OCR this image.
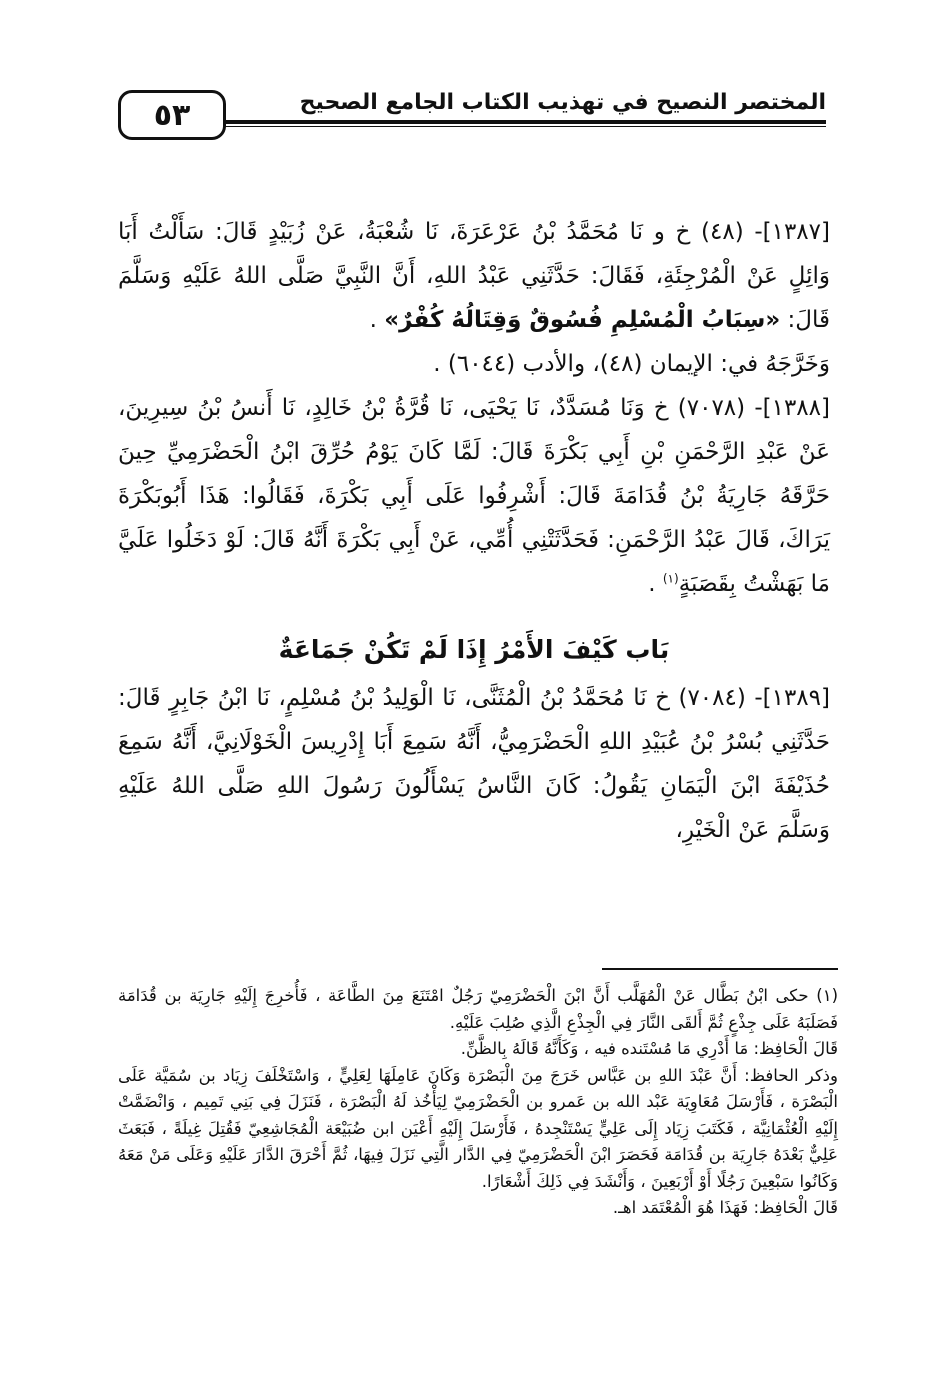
٥٣	المختصر النصيح في تهذيب الكتاب الجامع الصحيح

[١٣٨٧]- (٤٨) خ و نَا مُحَمَّدُ بْنُ عَرْعَرَةَ، نَا شُعْبَةُ، عَنْ زُبَيْدٍ قَالَ: سَأَلْتُ أَبَا وَائِلٍ عَنْ الْمُرْجِئَةِ، فَقَالَ: حَدَّثَنِي عَبْدُ اللهِ، أَنَّ النَّبِيَّ صَلَّى اللهُ عَلَيْهِ وَسَلَّمَ قَالَ: «سِبَابُ الْمُسْلِمِ فُسُوقٌ وَقِتَالُهُ كُفْرٌ» .

وَخَرَّجَهُ في: الإيمان (٤٨)، والأدب (٦٠٤٤) .

[١٣٨٨]- (٧٠٧٨) خ وَنَا مُسَدَّدٌ، نَا يَحْيَى، نَا قُرَّةُ بْنُ خَالِدٍ، نَا أَنسُ بْنُ سِيرِينَ، عَنْ عَبْدِ الرَّحْمَنِ بْنِ أَبِي بَكْرَةَ قَالَ: لَمَّا كَانَ يَوْمُ حُرِّقَ ابْنُ الْحَضْرَمِيِّ حِينَ حَرَّقَهُ جَارِيَةُ بْنُ قُدَامَةَ قَالَ: أَشْرِفُوا عَلَى أَبِي بَكْرَةَ، فَقَالُوا: هَذَا أَبُوبَكْرَةَ يَرَاكَ، قَالَ عَبْدُ الرَّحْمَنِ: فَحَدَّثَتْنِي أُمِّي، عَنْ أَبِي بَكْرَةَ أَنَّهُ قَالَ: لَوْ دَخَلُوا عَلَيَّ مَا بَهَشْتُ بِقَصَبَةٍ$^{(١)}$ .

بَاب كَيْفَ الأَمْرُ إِذَا لَمْ تَكُنْ جَمَاعَةٌ

[١٣٨٩]- (٧٠٨٤) خ نَا مُحَمَّدُ بْنُ الْمُثَنَّى، نَا الْوَلِيدُ بْنُ مُسْلِمٍ، نَا ابْنُ جَابِرٍ قَالَ: حَدَّثَنِي بُسْرُ بْنُ عُبَيْدِ اللهِ الْحَضْرَمِيُّ، أَنَّهُ سَمِعَ أَبَا إِدْرِيسَ الْخَوْلَانِيَّ، أَنَّهُ سَمِعَ حُذَيْفَةَ ابْنَ الْيَمَانِ يَقُولُ: كَانَ النَّاسُ يَسْأَلُونَ رَسُولَ اللهِ صَلَّى اللهُ عَلَيْهِ وَسَلَّمَ عَنْ الْخَيْرِ،

(١) حكى ابْنُ بَطَّال عَنْ الْمُهَلَّب أَنَّ ابْنَ الْحَضْرَمِيّ رَجُلٌ امْتَنَعَ مِنَ الطَّاعَة ، فَأُخرِجَ إِلَيْهِ جَارِيَة بن قُدَامَة فَصَلَبَهُ عَلَى جِذْعٍ ثُمَّ أَلقَى النَّارَ فِي الْجِذْعِ الَّذِي صُلِبَ عَلَيْهِ.

قَالَ الْحَافِظ: مَا أَدْرِي مَا مُسْتَنده فيه ، وَكَأَنَّهُ قَالَهُ بِالظَّنِّ.

وذكر الحافظ: أَنَّ عَبْدَ اللهِ بن عَبَّاس خَرَجَ مِنَ الْبَصْرَة وَكَانَ عَامِلَهَا لِعَلِيٍّ ، وَاسْتَخْلَفَ زِيَاد بن سُمَيَّة عَلَى الْبَصْرَة ، فَأَرْسَلَ مُعَاوِيَة عَبْد الله بن عَمرو بن الْحَضْرَمِيّ لِيَأْخُذ لَهُ الْبَصْرَة ، فَنَزَلَ فِي بَنِي تَمِيم ، وَانْضَمَّتْ إِلَيْهِ الْعُثْمَانِيَّة ، فَكَتَبَ زِيَاد إِلَى عَلِيٍّ يَسْتَنْجِدهُ ، فَأَرْسَلَ إِلَيْهِ أَعْيَن ابن ضُبَيْعَة الْمُجَاشِعِيّ فَقُتِلَ غِيلَةً ، فَبَعَثَ عَلِيٌّ بَعْدَهُ جَارِيَة بن قُدَامَة فَحَصَرَ ابْنَ الْحَضْرَمِيّ فِي الدَّار الَّتِي نَزَلَ فِيهَا، ثُمَّ أَحْرَقَ الدَّارَ عَلَيْهِ وَعَلَى مَنْ مَعَهُ وَكَانُوا سَبْعِينَ رَجُلًا أَوْ أَرْبَعِينَ ، وَأَنْشَدَ فِي ذَلِكَ أَشْعَارًا.

قَالَ الْحَافِظ: فَهَذَا هُوَ الْمُعْتَمَد اهـ.
